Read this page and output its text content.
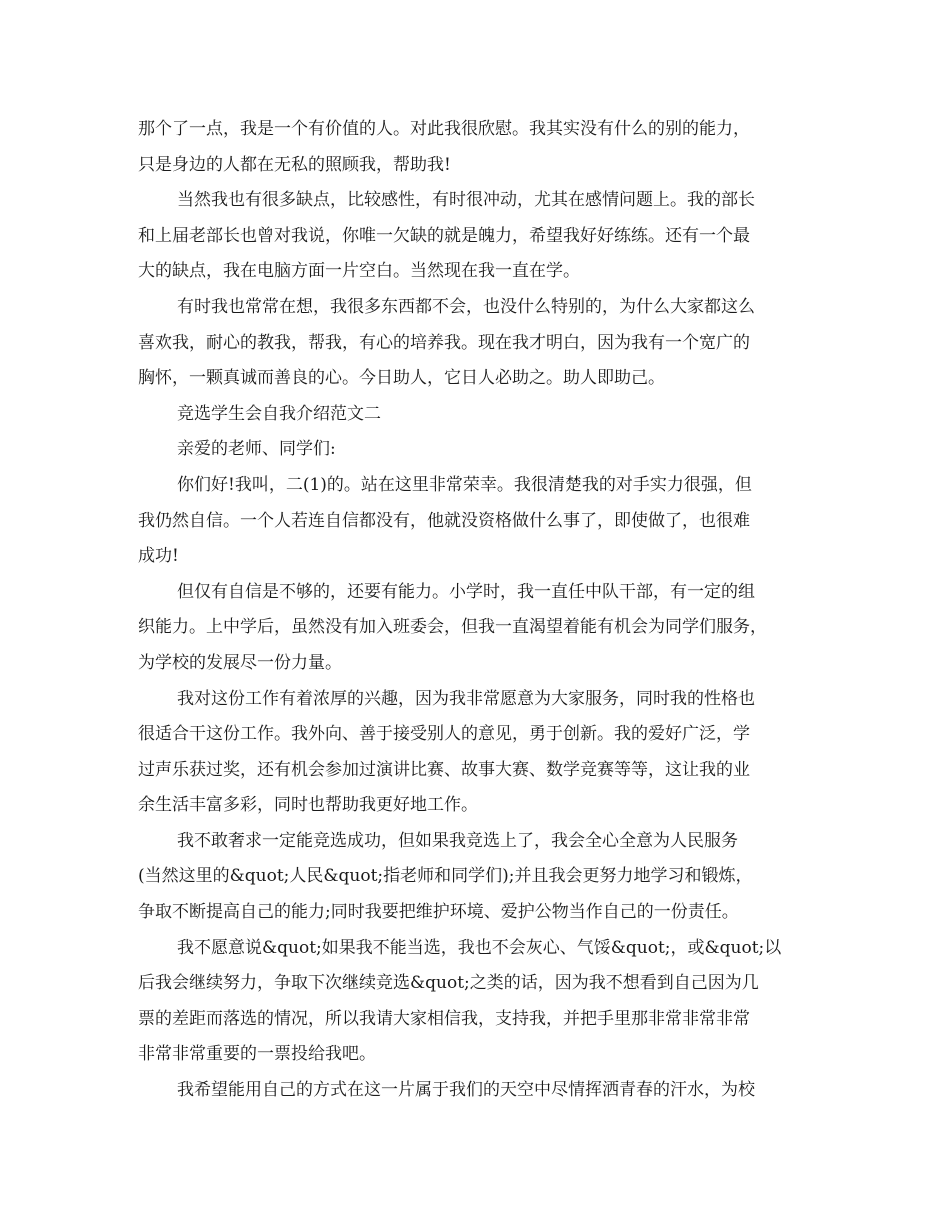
那个了一点，我是一个有价值的人。对此我很欣慰。我其实没有什么的别的能力，
只是身边的人都在无私的照顾我，帮助我!
当然我也有很多缺点，比较感性，有时很冲动，尤其在感情问题上。我的部长
和上届老部长也曾对我说，你唯一欠缺的就是魄力，希望我好好练练。还有一个最
大的缺点，我在电脑方面一片空白。当然现在我一直在学。
有时我也常常在想，我很多东西都不会，也没什么特别的，为什么大家都这么
喜欢我，耐心的教我，帮我，有心的培养我。现在我才明白，因为我有一个宽广的
胸怀，一颗真诚而善良的心。今日助人，它日人必助之。助人即助己。
竞选学生会自我介绍范文二
亲爱的老师、同学们:
你们好!我叫，二(1)的。站在这里非常荣幸。我很清楚我的对手实力很强，但
我仍然自信。一个人若连自信都没有，他就没资格做什么事了，即使做了，也很难
成功!
但仅有自信是不够的，还要有能力。小学时，我一直任中队干部，有一定的组
织能力。上中学后，虽然没有加入班委会，但我一直渴望着能有机会为同学们服务，
为学校的发展尽一份力量。
我对这份工作有着浓厚的兴趣，因为我非常愿意为大家服务，同时我的性格也
很适合干这份工作。我外向、善于接受别人的意见，勇于创新。我的爱好广泛，学
过声乐获过奖，还有机会参加过演讲比赛、故事大赛、数学竞赛等等，这让我的业
余生活丰富多彩，同时也帮助我更好地工作。
我不敢奢求一定能竞选成功，但如果我竞选上了，我会全心全意为人民服务
(当然这里的&quot;人民&quot;指老师和同学们);并且我会更努力地学习和锻炼，
争取不断提高自己的能力;同时我要把维护环境、爱护公物当作自己的一份责任。
我不愿意说&quot;如果我不能当选，我也不会灰心、气馁&quot;，或&quot;以
后我会继续努力，争取下次继续竞选&quot;之类的话，因为我不想看到自己因为几
票的差距而落选的情况，所以我请大家相信我，支持我，并把手里那非常非常非常
非常非常重要的一票投给我吧。
我希望能用自己的方式在这一片属于我们的天空中尽情挥洒青春的汗水，为校
